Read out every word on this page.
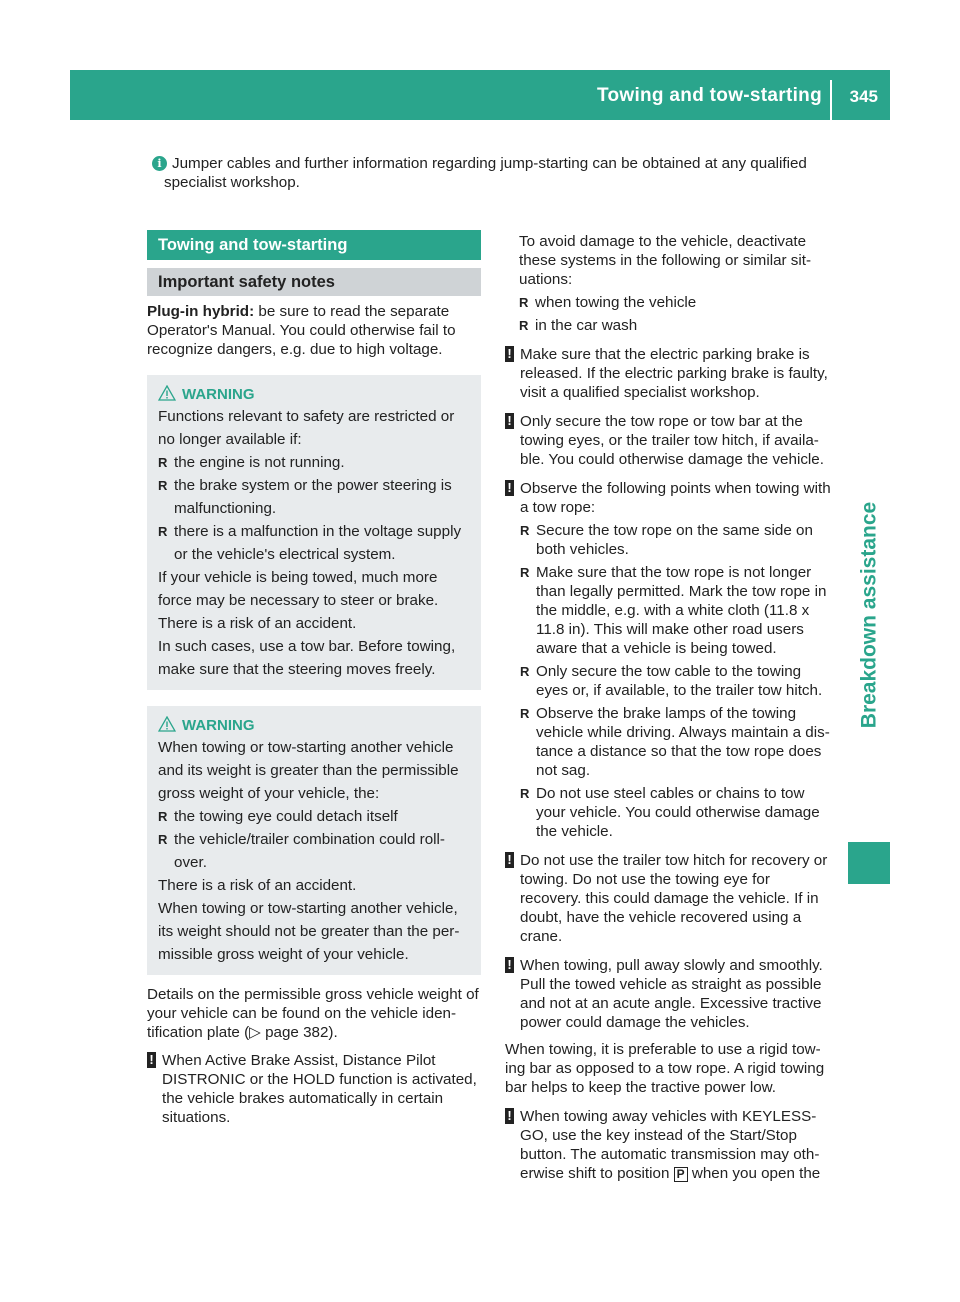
Towing and tow-starting 345
Breakdown assistance
i Jumper cables and further information regarding jump-starting can be obtained at any qualified
specialist workshop.
Towing and tow-starting
Important safety notes

Plug-in hybrid: be sure to read the separate Operator's Manual. You could otherwise fail to recognize dangers, e.g. due to high voltage.

WARNING

Functions relevant to safety are restricted or no longer available if:

R the engine is not running.
R the brake system or the power steering is malfunctioning.
R there is a malfunction in the voltage supply or the vehicle's electrical system.

If your vehicle is being towed, much more force may be necessary to steer or brake. There is a risk of an accident.

In such cases, use a tow bar. Before towing, make sure that the steering moves freely.

WARNING

When towing or tow-starting another vehicle and its weight is greater than the permissible gross weight of your vehicle, the:

R the towing eye could detach itself
R the vehicle/trailer combination could roll-over.

There is a risk of an accident.

When towing or tow-starting another vehicle, its weight should not be greater than the per-missible gross weight of your vehicle.

Details on the permissible gross vehicle weight of your vehicle can be found on the vehicle iden-tification plate (▷ page 382).

! When Active Brake Assist, Distance Pilot DISTRONIC or the HOLD function is activated, the vehicle brakes automatically in certain situations.

To avoid damage to the vehicle, deactivate these systems in the following or similar sit-uations:

R when towing the vehicle
R in the car wash
! Make sure that the electric parking brake is released. If the electric parking brake is faulty, visit a qualified specialist workshop.
! Only secure the tow rope or tow bar at the towing eyes, or the trailer tow hitch, if availa-ble. You could otherwise damage the vehicle.
! Observe the following points when towing with a tow rope:
R Secure the tow rope on the same side on both vehicles.
R Make sure that the tow rope is not longer than legally permitted. Mark the tow rope in the middle, e.g. with a white cloth (11.8 x 11.8 in). This will make other road users aware that a vehicle is being towed.
R Only secure the tow cable to the towing eyes or, if available, to the trailer tow hitch.
R Observe the brake lamps of the towing vehicle while driving. Always maintain a dis-tance a distance so that the tow rope does not sag.
R Do not use steel cables or chains to tow your vehicle. You could otherwise damage the vehicle.
! Do not use the trailer tow hitch for recovery or towing. Do not use the towing eye for recovery. this could damage the vehicle. If in doubt, have the vehicle recovered using a crane.
! When towing, pull away slowly and smoothly. Pull the towed vehicle as straight as possible and not at an acute angle. Excessive tractive power could damage the vehicles.

When towing, it is preferable to use a rigid tow-ing bar as opposed to a tow rope. A rigid towing bar helps to keep the tractive power low.

! When towing away vehicles with KEYLESS-GO, use the key instead of the Start/Stop button. The automatic transmission may oth-erwise shift to position P when you open the
